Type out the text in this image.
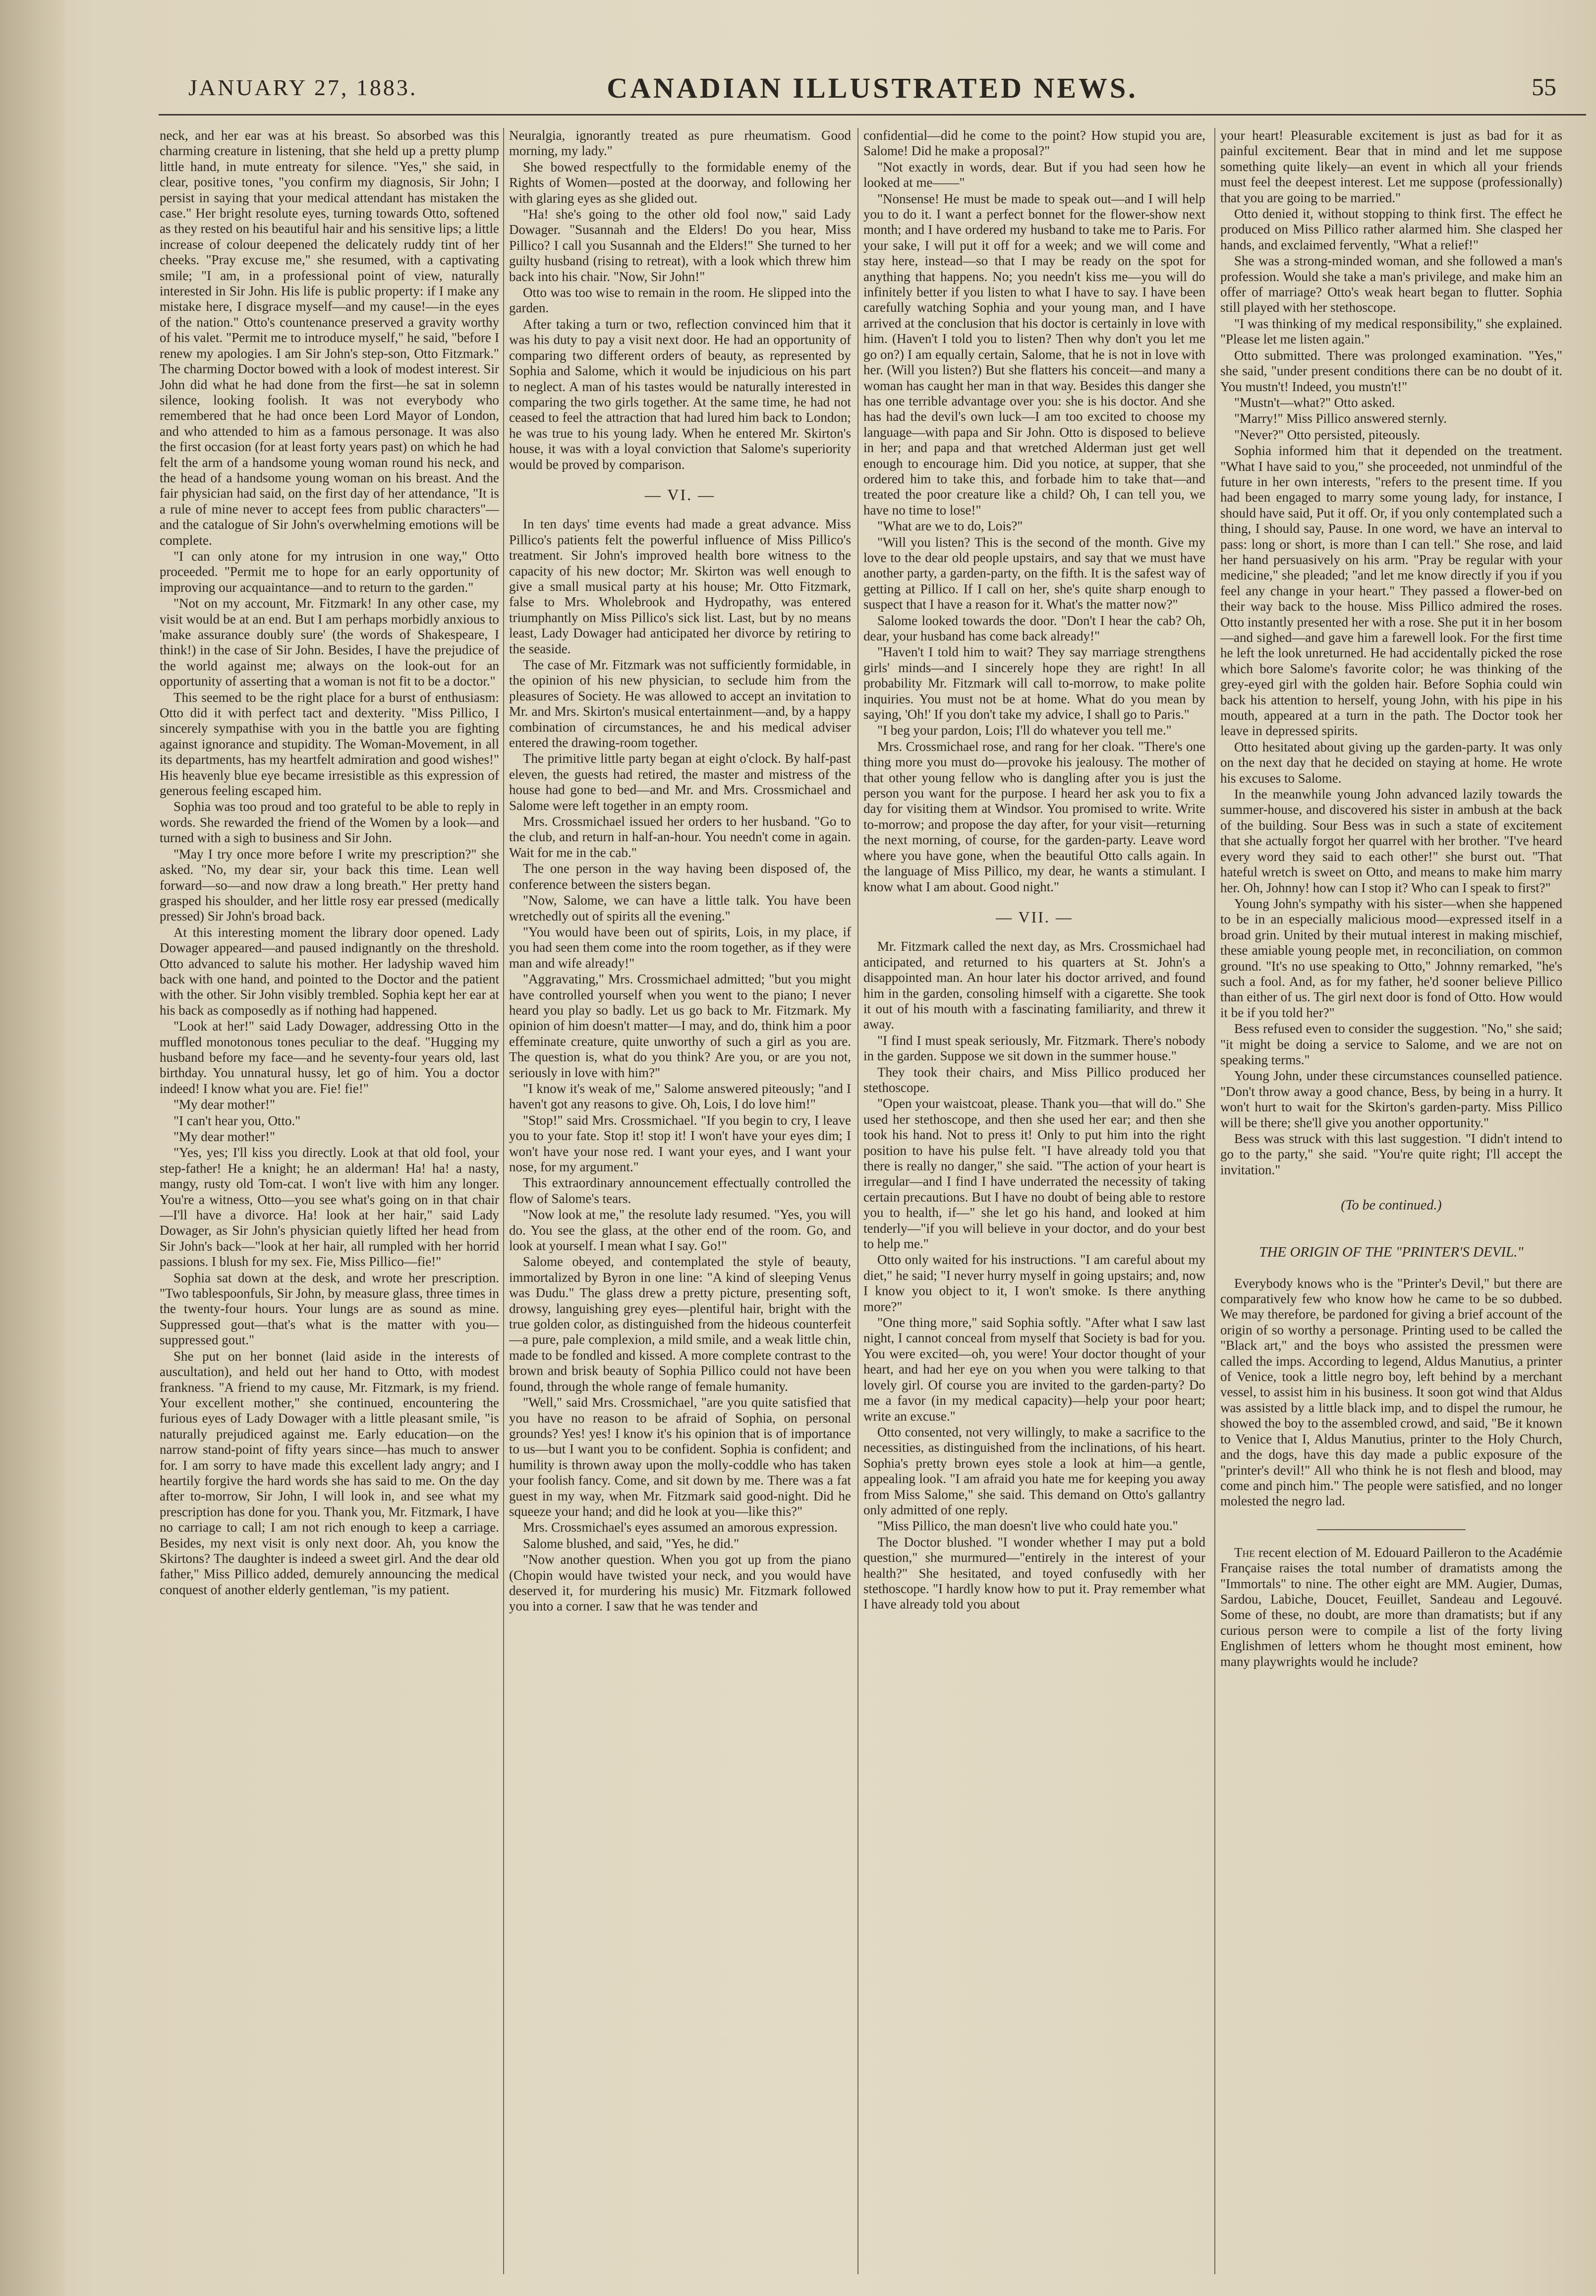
JANUARY 27, 1883.	CANADIAN ILLUSTRATED NEWS.	55

neck, and her ear was at his breast. So absorbed was this charming creature in listening, that she held up a pretty plump little hand, in mute entreaty for silence. "Yes," she said, in clear, positive tones, "you confirm my diagnosis, Sir John; I persist in saying that your medical attendant has mistaken the case." Her bright resolute eyes, turning towards Otto, softened as they rested on his beautiful hair and his sensitive lips; a little increase of colour deepened the delicately ruddy tint of her cheeks. "Pray excuse me," she resumed, with a captivating smile; "I am, in a professional point of view, naturally interested in Sir John. His life is public property: if I make any mistake here, I disgrace myself—and my cause!—in the eyes of the nation." Otto's countenance preserved a gravity worthy of his valet. "Permit me to introduce myself," he said, "before I renew my apologies. I am Sir John's step-son, Otto Fitzmark." The charming Doctor bowed with a look of modest interest. Sir John did what he had done from the first—he sat in solemn silence, looking foolish. It was not everybody who remembered that he had once been Lord Mayor of London, and who attended to him as a famous personage. It was also the first occasion (for at least forty years past) on which he had felt the arm of a handsome young woman round his neck, and the head of a handsome young woman on his breast. And the fair physician had said, on the first day of her attendance, "It is a rule of mine never to accept fees from public characters"—and the catalogue of Sir John's overwhelming emotions will be complete.

"I can only atone for my intrusion in one way," Otto proceeded. "Permit me to hope for an early opportunity of improving our acquaintance—and to return to the garden."

"Not on my account, Mr. Fitzmark! In any other case, my visit would be at an end. But I am perhaps morbidly anxious to 'make assurance doubly sure' (the words of Shakespeare, I think!) in the case of Sir John. Besides, I have the prejudice of the world against me; always on the look-out for an opportunity of asserting that a woman is not fit to be a doctor."

This seemed to be the right place for a burst of enthusiasm: Otto did it with perfect tact and dexterity. "Miss Pillico, I sincerely sympathise with you in the battle you are fighting against ignorance and stupidity. The Woman-Movement, in all its departments, has my heartfelt admiration and good wishes!" His heavenly blue eye became irresistible as this expression of generous feeling escaped him.

Sophia was too proud and too grateful to be able to reply in words. She rewarded the friend of the Women by a look—and turned with a sigh to business and Sir John.

"May I try once more before I write my prescription?" she asked. "No, my dear sir, your back this time. Lean well forward—so—and now draw a long breath." Her pretty hand grasped his shoulder, and her little rosy ear pressed (medically pressed) Sir John's broad back.

At this interesting moment the library door opened. Lady Dowager appeared—and paused indignantly on the threshold. Otto advanced to salute his mother. Her ladyship waved him back with one hand, and pointed to the Doctor and the patient with the other. Sir John visibly trembled. Sophia kept her ear at his back as composedly as if nothing had happened.

"Look at her!" said Lady Dowager, addressing Otto in the muffled monotonous tones peculiar to the deaf. "Hugging my husband before my face—and he seventy-four years old, last birthday. You unnatural hussy, let go of him. You a doctor indeed! I know what you are. Fie! fie!"

"My dear mother!"

"I can't hear you, Otto."

"My dear mother!"

"Yes, yes; I'll kiss you directly. Look at that old fool, your step-father! He a knight; he an alderman! Ha! ha! a nasty, mangy, rusty old Tom-cat. I won't live with him any longer. You're a witness, Otto—you see what's going on in that chair—I'll have a divorce. Ha! look at her hair," said Lady Dowager, as Sir John's physician quietly lifted her head from Sir John's back—"look at her hair, all rumpled with her horrid passions. I blush for my sex. Fie, Miss Pillico—fie!"

Sophia sat down at the desk, and wrote her prescription. "Two tablespoonfuls, Sir John, by measure glass, three times in the twenty-four hours. Your lungs are as sound as mine. Suppressed gout—that's what is the matter with you—suppressed gout."

She put on her bonnet (laid aside in the interests of auscultation), and held out her hand to Otto, with modest frankness. "A friend to my cause, Mr. Fitzmark, is my friend. Your excellent mother," she continued, encountering the furious eyes of Lady Dowager with a little pleasant smile, "is naturally prejudiced against me. Early education—on the narrow stand-point of fifty years since—has much to answer for. I am sorry to have made this excellent lady angry; and I heartily forgive the hard words she has said to me. On the day after to-morrow, Sir John, I will look in, and see what my prescription has done for you. Thank you, Mr. Fitzmark, I have no carriage to call; I am not rich enough to keep a carriage. Besides, my next visit is only next door. Ah, you know the Skirtons? The daughter is indeed a sweet girl. And the dear old father," Miss Pillico added, demurely announcing the medical conquest of another elderly gentleman, "is my patient.

Neuralgia, ignorantly treated as pure rheumatism. Good morning, my lady."

She bowed respectfully to the formidable enemy of the Rights of Women—posted at the doorway, and following her with glaring eyes as she glided out.

"Ha! she's going to the other old fool now," said Lady Dowager. "Susannah and the Elders! Do you hear, Miss Pillico? I call you Susannah and the Elders!" She turned to her guilty husband (rising to retreat), with a look which threw him back into his chair. "Now, Sir John!"

Otto was too wise to remain in the room. He slipped into the garden.

After taking a turn or two, reflection convinced him that it was his duty to pay a visit next door. He had an opportunity of comparing two different orders of beauty, as represented by Sophia and Salome, which it would be injudicious on his part to neglect. A man of his tastes would be naturally interested in comparing the two girls together. At the same time, he had not ceased to feel the attraction that had lured him back to London; he was true to his young lady. When he entered Mr. Skirton's house, it was with a loyal conviction that Salome's superiority would be proved by comparison.

— VI. —

In ten days' time events had made a great advance. Miss Pillico's patients felt the powerful influence of Miss Pillico's treatment. Sir John's improved health bore witness to the capacity of his new doctor; Mr. Skirton was well enough to give a small musical party at his house; Mr. Otto Fitzmark, false to Mrs. Wholebrook and Hydropathy, was entered triumphantly on Miss Pillico's sick list. Last, but by no means least, Lady Dowager had anticipated her divorce by retiring to the seaside.

The case of Mr. Fitzmark was not sufficiently formidable, in the opinion of his new physician, to seclude him from the pleasures of Society. He was allowed to accept an invitation to Mr. and Mrs. Skirton's musical entertainment—and, by a happy combination of circumstances, he and his medical adviser entered the drawing-room together.

The primitive little party began at eight o'clock. By half-past eleven, the guests had retired, the master and mistress of the house had gone to bed—and Mr. and Mrs. Crossmichael and Salome were left together in an empty room.

Mrs. Crossmichael issued her orders to her husband. "Go to the club, and return in half-an-hour. You needn't come in again. Wait for me in the cab."

The one person in the way having been disposed of, the conference between the sisters began.

"Now, Salome, we can have a little talk. You have been wretchedly out of spirits all the evening."

"You would have been out of spirits, Lois, in my place, if you had seen them come into the room together, as if they were man and wife already!"

"Aggravating," Mrs. Crossmichael admitted; "but you might have controlled yourself when you went to the piano; I never heard you play so badly. Let us go back to Mr. Fitzmark. My opinion of him doesn't matter—I may, and do, think him a poor effeminate creature, quite unworthy of such a girl as you are. The question is, what do you think? Are you, or are you not, seriously in love with him?"

"I know it's weak of me," Salome answered piteously; "and I haven't got any reasons to give. Oh, Lois, I do love him!"

"Stop!" said Mrs. Crossmichael. "If you begin to cry, I leave you to your fate. Stop it! stop it! I won't have your eyes dim; I won't have your nose red. I want your eyes, and I want your nose, for my argument."

This extraordinary announcement effectually controlled the flow of Salome's tears.

"Now look at me," the resolute lady resumed. "Yes, you will do. You see the glass, at the other end of the room. Go, and look at yourself. I mean what I say. Go!"

Salome obeyed, and contemplated the style of beauty, immortalized by Byron in one line: "A kind of sleeping Venus was Dudu." The glass drew a pretty picture, presenting soft, drowsy, languishing grey eyes—plentiful hair, bright with the true golden color, as distinguished from the hideous counterfeit—a pure, pale complexion, a mild smile, and a weak little chin, made to be fondled and kissed. A more complete contrast to the brown and brisk beauty of Sophia Pillico could not have been found, through the whole range of female humanity.

"Well," said Mrs. Crossmichael, "are you quite satisfied that you have no reason to be afraid of Sophia, on personal grounds? Yes! yes! I know it's his opinion that is of importance to us—but I want you to be confident. Sophia is confident; and humility is thrown away upon the molly-coddle who has taken your foolish fancy. Come, and sit down by me. There was a fat guest in my way, when Mr. Fitzmark said good-night. Did he squeeze your hand; and did he look at you—like this?"

Mrs. Crossmichael's eyes assumed an amorous expression.

Salome blushed, and said, "Yes, he did."

"Now another question. When you got up from the piano (Chopin would have twisted your neck, and you would have deserved it, for murdering his music) Mr. Fitzmark followed you into a corner. I saw that he was tender and

confidential—did he come to the point? How stupid you are, Salome! Did he make a proposal?"

"Not exactly in words, dear. But if you had seen how he looked at me——"

"Nonsense! He must be made to speak out—and I will help you to do it. I want a perfect bonnet for the flower-show next month; and I have ordered my husband to take me to Paris. For your sake, I will put it off for a week; and we will come and stay here, instead—so that I may be ready on the spot for anything that happens. No; you needn't kiss me—you will do infinitely better if you listen to what I have to say. I have been carefully watching Sophia and your young man, and I have arrived at the conclusion that his doctor is certainly in love with him. (Haven't I told you to listen? Then why don't you let me go on?) I am equally certain, Salome, that he is not in love with her. (Will you listen?) But she flatters his conceit—and many a woman has caught her man in that way. Besides this danger she has one terrible advantage over you: she is his doctor. And she has had the devil's own luck—I am too excited to choose my language—with papa and Sir John. Otto is disposed to believe in her; and papa and that wretched Alderman just get well enough to encourage him. Did you notice, at supper, that she ordered him to take this, and forbade him to take that—and treated the poor creature like a child? Oh, I can tell you, we have no time to lose!"

"What are we to do, Lois?"

"Will you listen? This is the second of the month. Give my love to the dear old people upstairs, and say that we must have another party, a garden-party, on the fifth. It is the safest way of getting at Pillico. If I call on her, she's quite sharp enough to suspect that I have a reason for it. What's the matter now?"

Salome looked towards the door. "Don't I hear the cab? Oh, dear, your husband has come back already!"

"Haven't I told him to wait? They say marriage strengthens girls' minds—and I sincerely hope they are right! In all probability Mr. Fitzmark will call to-morrow, to make polite inquiries. You must not be at home. What do you mean by saying, 'Oh!' If you don't take my advice, I shall go to Paris."

"I beg your pardon, Lois; I'll do whatever you tell me."

Mrs. Crossmichael rose, and rang for her cloak. "There's one thing more you must do—provoke his jealousy. The mother of that other young fellow who is dangling after you is just the person you want for the purpose. I heard her ask you to fix a day for visiting them at Windsor. You promised to write. Write to-morrow; and propose the day after, for your visit—returning the next morning, of course, for the garden-party. Leave word where you have gone, when the beautiful Otto calls again. In the language of Miss Pillico, my dear, he wants a stimulant. I know what I am about. Good night."

— VII. —

Mr. Fitzmark called the next day, as Mrs. Crossmichael had anticipated, and returned to his quarters at St. John's a disappointed man. An hour later his doctor arrived, and found him in the garden, consoling himself with a cigarette. She took it out of his mouth with a fascinating familiarity, and threw it away.

"I find I must speak seriously, Mr. Fitzmark. There's nobody in the garden. Suppose we sit down in the summer house."

They took their chairs, and Miss Pillico produced her stethoscope.

"Open your waistcoat, please. Thank you—that will do." She used her stethoscope, and then she used her ear; and then she took his hand. Not to press it! Only to put him into the right position to have his pulse felt. "I have already told you that there is really no danger," she said. "The action of your heart is irregular—and I find I have underrated the necessity of taking certain precautions. But I have no doubt of being able to restore you to health, if—" she let go his hand, and looked at him tenderly—"if you will believe in your doctor, and do your best to help me."

Otto only waited for his instructions. "I am careful about my diet," he said; "I never hurry myself in going upstairs; and, now I know you object to it, I won't smoke. Is there anything more?"

"One thing more," said Sophia softly. "After what I saw last night, I cannot conceal from myself that Society is bad for you. You were excited—oh, you were! Your doctor thought of your heart, and had her eye on you when you were talking to that lovely girl. Of course you are invited to the garden-party? Do me a favor (in my medical capacity)—help your poor heart; write an excuse."

Otto consented, not very willingly, to make a sacrifice to the necessities, as distinguished from the inclinations, of his heart. Sophia's pretty brown eyes stole a look at him—a gentle, appealing look. "I am afraid you hate me for keeping you away from Miss Salome," she said. This demand on Otto's gallantry only admitted of one reply.

"Miss Pillico, the man doesn't live who could hate you."

The Doctor blushed. "I wonder whether I may put a bold question," she murmured—"entirely in the interest of your health?" She hesitated, and toyed confusedly with her stethoscope. "I hardly know how to put it. Pray remember what I have already told you about

your heart! Pleasurable excitement is just as bad for it as painful excitement. Bear that in mind and let me suppose something quite likely—an event in which all your friends must feel the deepest interest. Let me suppose (professionally) that you are going to be married."

Otto denied it, without stopping to think first. The effect he produced on Miss Pillico rather alarmed him. She clasped her hands, and exclaimed fervently, "What a relief!"

She was a strong-minded woman, and she followed a man's profession. Would she take a man's privilege, and make him an offer of marriage? Otto's weak heart began to flutter. Sophia still played with her stethoscope.

"I was thinking of my medical responsibility," she explained. "Please let me listen again."

Otto submitted. There was prolonged examination. "Yes," she said, "under present conditions there can be no doubt of it. You mustn't! Indeed, you mustn't!"

"Mustn't—what?" Otto asked.

"Marry!" Miss Pillico answered sternly.

"Never?" Otto persisted, piteously.

Sophia informed him that it depended on the treatment. "What I have said to you," she proceeded, not unmindful of the future in her own interests, "refers to the present time. If you had been engaged to marry some young lady, for instance, I should have said, Put it off. Or, if you only contemplated such a thing, I should say, Pause. In one word, we have an interval to pass: long or short, is more than I can tell." She rose, and laid her hand persuasively on his arm. "Pray be regular with your medicine," she pleaded; "and let me know directly if you if you feel any change in your heart." They passed a flower-bed on their way back to the house. Miss Pillico admired the roses. Otto instantly presented her with a rose. She put it in her bosom—and sighed—and gave him a farewell look. For the first time he left the look unreturned. He had accidentally picked the rose which bore Salome's favorite color; he was thinking of the grey-eyed girl with the golden hair. Before Sophia could win back his attention to herself, young John, with his pipe in his mouth, appeared at a turn in the path. The Doctor took her leave in depressed spirits.

Otto hesitated about giving up the garden-party. It was only on the next day that he decided on staying at home. He wrote his excuses to Salome.

In the meanwhile young John advanced lazily towards the summer-house, and discovered his sister in ambush at the back of the building. Sour Bess was in such a state of excitement that she actually forgot her quarrel with her brother. "I've heard every word they said to each other!" she burst out. "That hateful wretch is sweet on Otto, and means to make him marry her. Oh, Johnny! how can I stop it? Who can I speak to first?"

Young John's sympathy with his sister—when she happened to be in an especially malicious mood—expressed itself in a broad grin. United by their mutual interest in making mischief, these amiable young people met, in reconciliation, on common ground. "It's no use speaking to Otto," Johnny remarked, "he's such a fool. And, as for my father, he'd sooner believe Pillico than either of us. The girl next door is fond of Otto. How would it be if you told her?"

Bess refused even to consider the suggestion. "No," she said; "it might be doing a service to Salome, and we are not on speaking terms."

Young John, under these circumstances counselled patience. "Don't throw away a good chance, Bess, by being in a hurry. It won't hurt to wait for the Skirton's garden-party. Miss Pillico will be there; she'll give you another opportunity."

Bess was struck with this last suggestion. "I didn't intend to go to the party," she said. "You're quite right; I'll accept the invitation."

(To be continued.)
THE ORIGIN OF THE "PRINTER'S DEVIL."

Everybody knows who is the "Printer's Devil," but there are comparatively few who know how he came to be so dubbed. We may therefore, be pardoned for giving a brief account of the origin of so worthy a personage. Printing used to be called the "Black art," and the boys who assisted the pressmen were called the imps. According to legend, Aldus Manutius, a printer of Venice, took a little negro boy, left behind by a merchant vessel, to assist him in his business. It soon got wind that Aldus was assisted by a little black imp, and to dispel the rumour, he showed the boy to the assembled crowd, and said, "Be it known to Venice that I, Aldus Manutius, printer to the Holy Church, and the dogs, have this day made a public exposure of the "printer's devil!" All who think he is not flesh and blood, may come and pinch him." The people were satisfied, and no longer molested the negro lad.

The recent election of M. Edouard Pailleron to the Académie Française raises the total number of dramatists among the "Immortals" to nine. The other eight are MM. Augier, Dumas, Sardou, Labiche, Doucet, Feuillet, Sandeau and Legouvé. Some of these, no doubt, are more than dramatists; but if any curious person were to compile a list of the forty living Englishmen of letters whom he thought most eminent, how many playwrights would he include?
